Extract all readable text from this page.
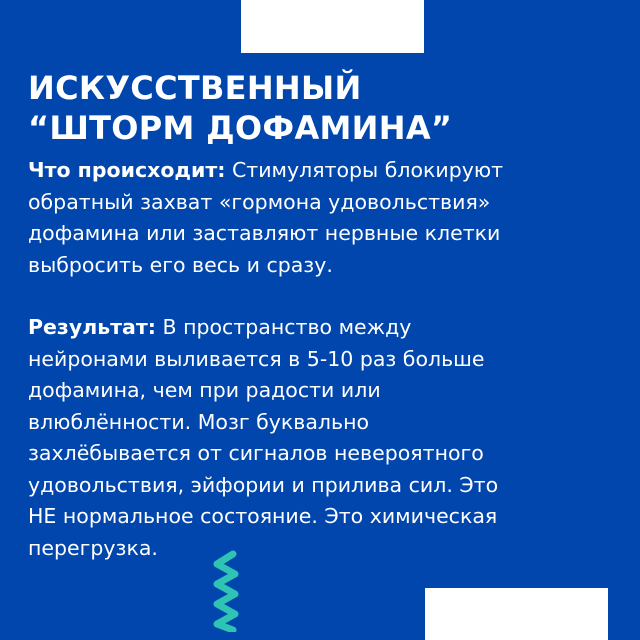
ИСКУССТВЕННЫЙ
“ШТОРМ ДОФАМИНА”

Что происходит: Стимуляторы блокируют
обратный захват «гормона удовольствия»
дофамина или заставляют нервные клетки
выбросить его весь и сразу.

Результат: В пространство между
нейронами выливается в 5-10 раз больше
дофамина, чем при радости или
влюблённости. Мозг буквально
захлёбывается от сигналов невероятного
удовольствия, эйфории и прилива сил. Это
НЕ нормальное состояние. Это химическая
перегрузка.
